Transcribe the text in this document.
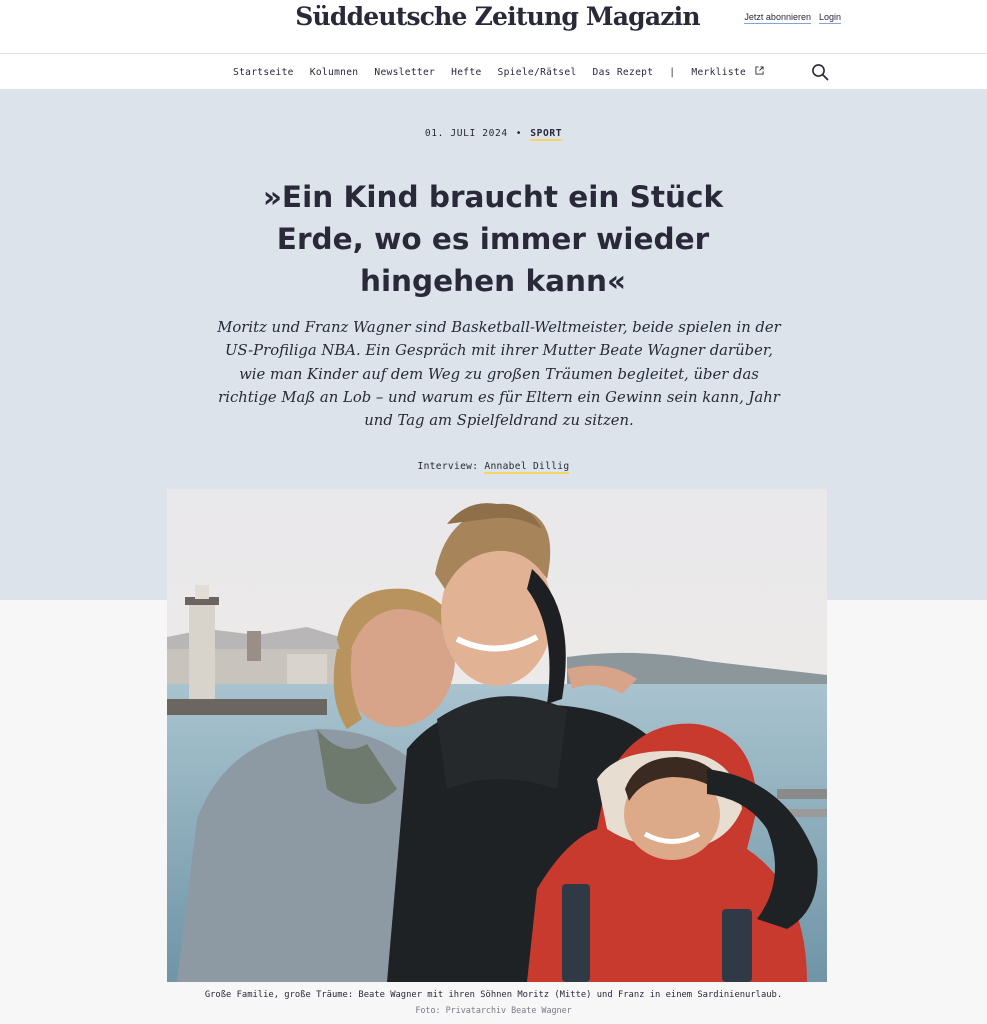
Süddeutsche Zeitung Magazin	Jetzt abonnieren Login
Startseite Kolumnen Newsletter Hefte Spiele/Rätsel Das Rezept | Merkliste
01. JULI 2024 • SPORT
»Ein Kind braucht ein Stück Erde, wo es immer wieder hingehen kann«

Moritz und Franz Wagner sind Basketball-Weltmeister, beide spielen in der US-Profiliga NBA. Ein Gespräch mit ihrer Mutter Beate Wagner darüber, wie man Kinder auf dem Weg zu großen Träumen begleitet, über das richtige Maß an Lob – und warum es für Eltern ein Gewinn sein kann, Jahr und Tag am Spielfeldrand zu sitzen.

Interview: Annabel Dillig
Große Familie, große Träume: Beate Wagner mit ihren Söhnen Moritz (Mitte) und Franz in einem Sardinienurlaub.
Foto: Privatarchiv Beate Wagner
